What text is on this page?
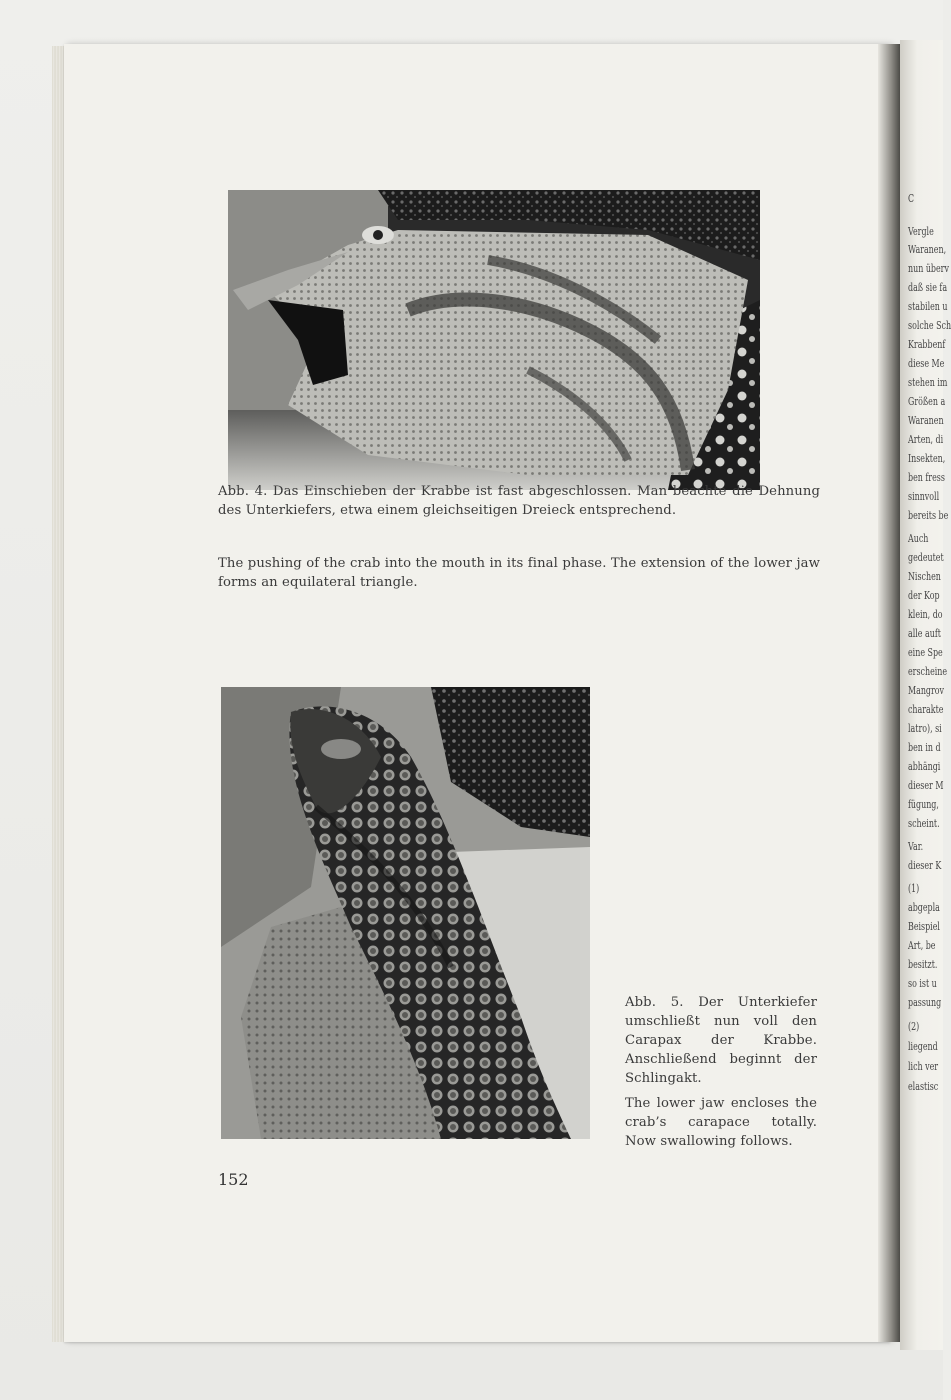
C
Vergle
Waranen,
nun überv
daß sie fa
stabilen u
solche Sch
Krabbenf
diese Me
stehen im
Größen a
Waranen
Arten, di
Insekten,
ben fress
sinnvoll
bereits be
Auch
gedeutet
Nischen
der Kop
klein, do
alle auft
eine Spe
erscheine
Mangrov
charakte
latro), si
ben in d
abhängi
dieser M
fügung,
scheint.
Var.
dieser K
(1)
abgepla
Beispiel
Art, be
besitzt.
so ist u
passung
(2)
liegend
lich ver
elastisc

Abb. 4. Das Einschieben der Krabbe ist fast abgeschlossen. Man beachte die Dehnung des Unterkiefers, etwa einem gleichseitigen Dreieck entsprechend.

The pushing of the crab into the mouth in its final phase. The extension of the lower jaw forms an equilateral triangle.

Abb. 5. Der Unterkiefer umschließt nun voll den Carapax der Krabbe. Anschließend beginnt der Schlingakt.

The lower jaw encloses the crab’s carapace totally. Now swallowing follows.

152
